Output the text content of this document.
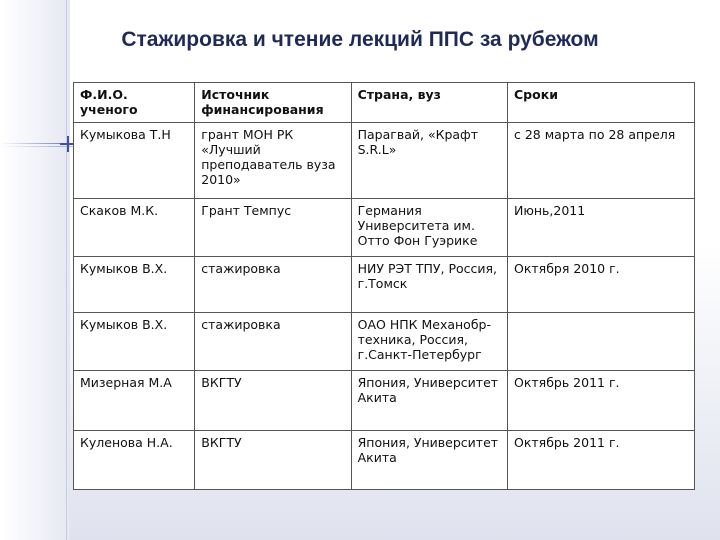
Стажировка и чтение лекций ППС за рубежом
Ф.И.О. ученого	Источник финансирования	Страна, вуз	Сроки
Кумыкова Т.Н	грант МОН РК «Лучший преподаватель вуза 2010»	Парагвай, «Крафт S.R.L»	с 28 марта по 28 апреля
Скаков М.К.	Грант Темпус	Германия Университета им. Отто Фон Гуэрике	Июнь,2011
Кумыков В.Х.	стажировка	НИУ РЭТ ТПУ, Россия, г.Томск	Октября 2010 г.
Кумыков В.Х.	стажировка	ОАО НПК Механобр-техника, Россия, г.Санкт-Петербург	
Мизерная М.А	ВКГТУ	Япония, Университет Акита	Октябрь 2011 г.
Куленова Н.А.	ВКГТУ	Япония, Университет Акита	Октябрь 2011 г.
